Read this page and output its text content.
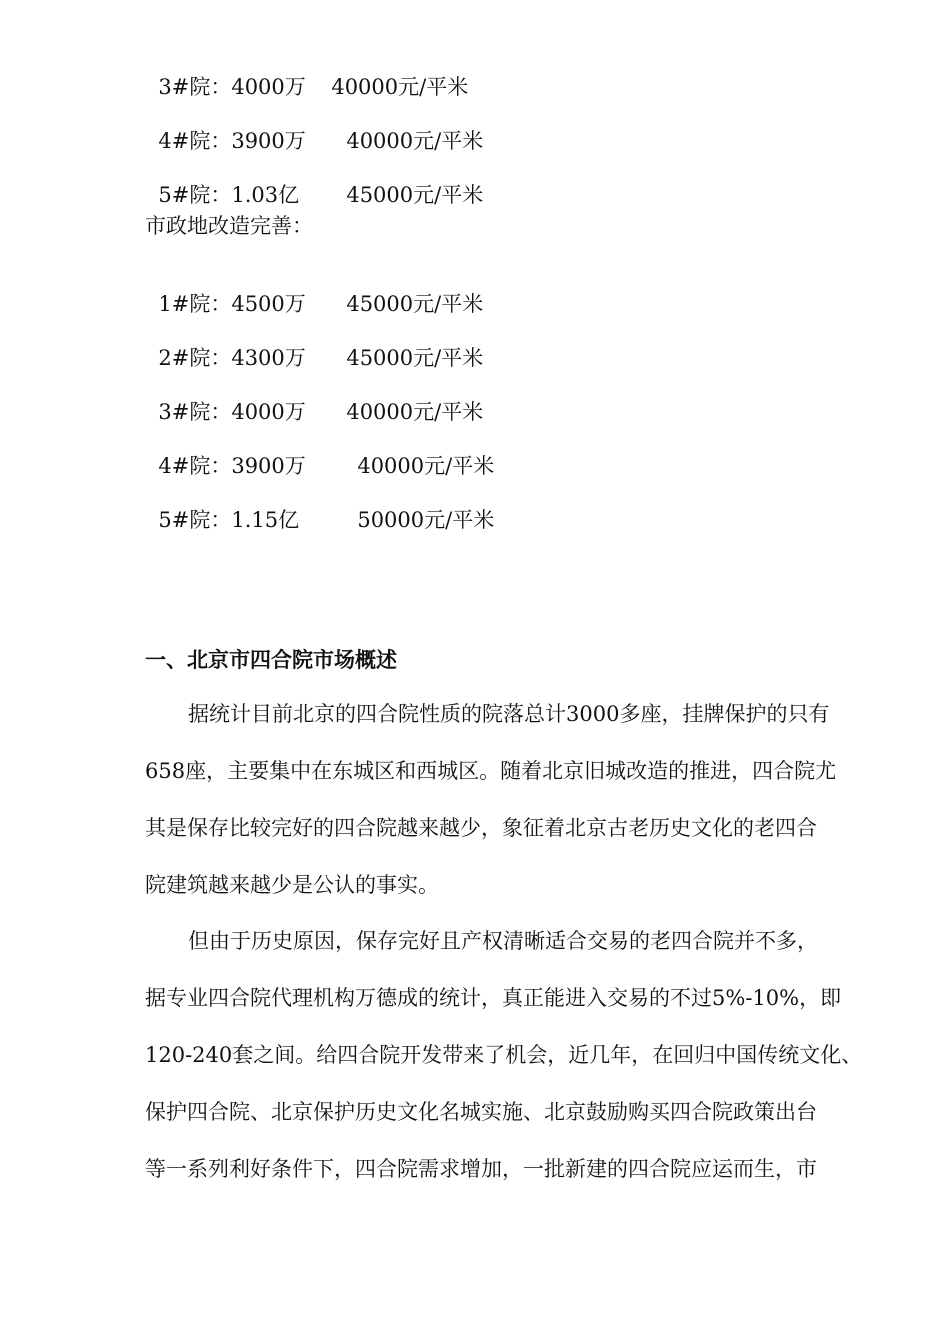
3#院：4000万 40000元/平米

4#院：3900万 40000元/平米

5#院：1.03亿 45000元/平米

市政地改造完善：

1#院：4500万 45000元/平米

2#院：4300万 45000元/平米

3#院：4000万 40000元/平米

4#院：3900万 40000元/平米

5#院：1.15亿	50000元/平米

一、北京市四合院市场概述
据统计目前北京的四合院性质的院落总计3000多座，挂牌保护的只有
658座，主要集中在东城区和西城区。随着北京旧城改造的推进，四合院尤
其是保存比较完好的四合院越来越少，象征着北京古老历史文化的老四合
院建筑越来越少是公认的事实。
但由于历史原因，保存完好且产权清晰适合交易的老四合院并不多，
据专业四合院代理机构万德成的统计，真正能进入交易的不过5%-10%，即
120-240套之间。给四合院开发带来了机会，近几年，在回归中国传统文化、
保护四合院、北京保护历史文化名城实施、北京鼓励购买四合院政策出台
等一系列利好条件下，四合院需求增加，一批新建的四合院应运而生，市
